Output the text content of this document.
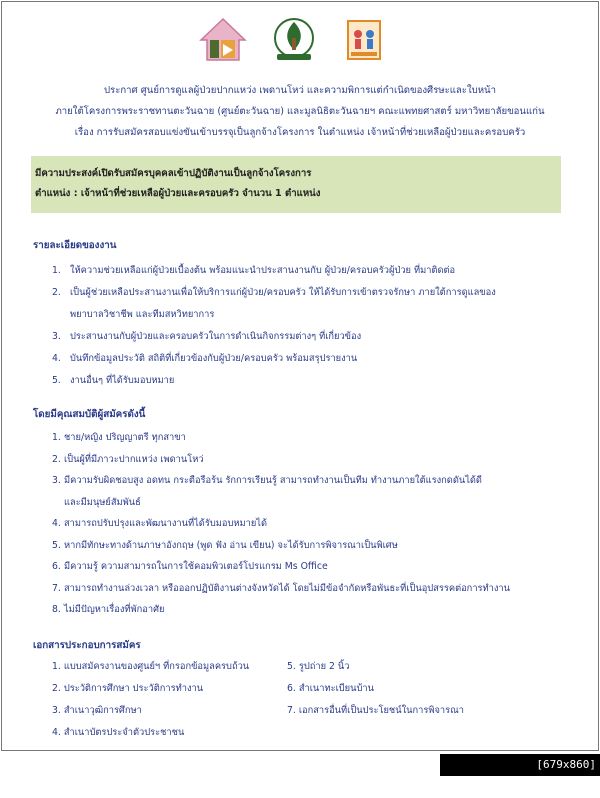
ประกาศ ศูนย์การดูแลผู้ป่วยปากแหว่ง เพดานโหว่ และความพิการแต่กำเนิดของศีรษะและใบหน้า
ภายใต้โครงการพระราชทานตะวันฉาย (ศูนย์ตะวันฉาย) และมูลนิธิตะวันฉายฯ คณะแพทยศาสตร์ มหาวิทยาลัยขอนแก่น
เรื่อง การรับสมัครสอบแข่งขันเข้าบรรจุเป็นลูกจ้างโครงการ ในตำแหน่ง เจ้าหน้าที่ช่วยเหลือผู้ป่วยและครอบครัว
มีความประสงค์เปิดรับสมัครบุคคลเข้าปฏิบัติงานเป็นลูกจ้างโครงการ
ตำแหน่ง : เจ้าหน้าที่ช่วยเหลือผู้ป่วยและครอบครัว จำนวน 1 ตำแหน่ง
รายละเอียดของงาน
1. ให้ความช่วยเหลือแก่ผู้ป่วยเบื้องต้น พร้อมแนะนำประสานงานกับ ผู้ป่วย/ครอบครัวผู้ป่วย ที่มาติดต่อ
2. เป็นผู้ช่วยเหลือประสานงานเพื่อให้บริการแก่ผู้ป่วย/ครอบครัว ให้ได้รับการเข้าตรวจรักษา ภายใต้การดูแลของ
พยาบาลวิชาชีพ และทีมสหวิทยาการ
3. ประสานงานกับผู้ป่วยและครอบครัวในการดำเนินกิจกรรมต่างๆ ที่เกี่ยวข้อง
4. บันทึกข้อมูลประวัติ สถิติที่เกี่ยวข้องกับผู้ป่วย/ครอบครัว พร้อมสรุปรายงาน
5. งานอื่นๆ ที่ได้รับมอบหมาย
โดยมีคุณสมบัติผู้สมัครดังนี้
1. ชาย/หญิง ปริญญาตรี ทุกสาขา
2. เป็นผู้ที่มีภาวะปากแหว่ง เพดานโหว่
3. มีความรับผิดชอบสูง อดทน กระตือรือร้น รักการเรียนรู้ สามารถทำงานเป็นทีม ทำงานภายใต้แรงกดดันได้ดี
และมีมนุษย์สัมพันธ์
4. สามารถปรับปรุงและพัฒนางานที่ได้รับมอบหมายได้
5. หากมีทักษะทางด้านภาษาอังกฤษ (พูด ฟัง อ่าน เขียน) จะได้รับการพิจารณาเป็นพิเศษ
6. มีความรู้ ความสามารถในการใช้คอมพิวเตอร์โปรแกรม Ms Office
7. สามารถทำงานล่วงเวลา หรือออกปฏิบัติงานต่างจังหวัดได้ โดยไม่มีข้อจำกัดหรือพันธะที่เป็นอุปสรรคต่อการทำงาน
8. ไม่มีปัญหาเรื่องที่พักอาศัย
เอกสารประกอบการสมัคร
1. แบบสมัครงานของศูนย์ฯ ที่กรอกข้อมูลครบถ้วน
2. ประวัติการศึกษา ประวัติการทำงาน
3. สำเนาวุฒิการศึกษา
4. สำเนาบัตรประจำตัวประชาชน
5. รูปถ่าย 2 นิ้ว
6. สำเนาทะเบียนบ้าน
7. เอกสารอื่นที่เป็นประโยชน์ในการพิจารณา
[679x860] http://upic.me/
